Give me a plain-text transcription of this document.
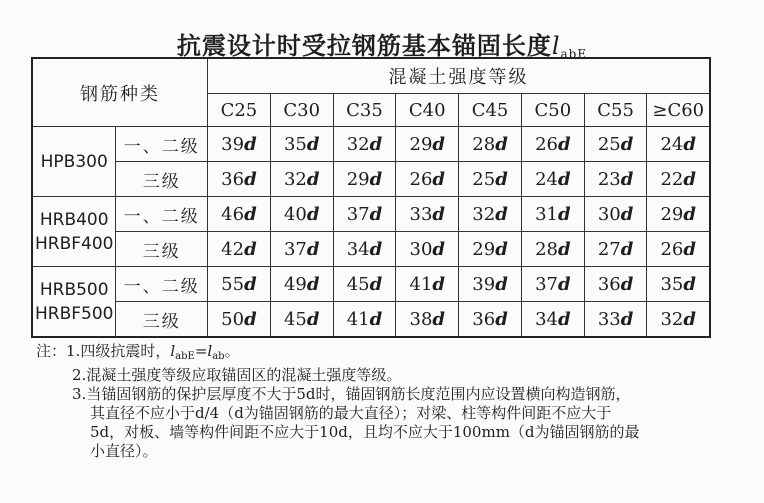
抗震设计时受拉钢筋基本锚固长度$l_{abE}$
钢筋种类		混凝土强度等级							
		C25	C30	C35	C40	C45	C50	C55	≥C60

HPB300	一、二级	39d	35d	32d	29d	28d	26d	25d	24d
	三级	36d	32d	29d	26d	25d	24d	23d	22d

HRB400
HRBF400	一、二级	46d	40d	37d	33d	32d	31d	30d	29d
	三级	42d	37d	34d	30d	29d	28d	27d	26d

HRB500
HRBF500	一、二级	55d	49d	45d	41d	39d	37d	36d	35d
	三级	50d	45d	41d	38d	36d	34d	33d	32d
注：1.四级抗震时，$l_{abE}=l_{ab}$。
2.混凝土强度等级应取锚固区的混凝土强度等级。
3.当锚固钢筋的保护层厚度不大于5d时，锚固钢筋长度范围内应设置横向构造钢筋，
其直径不应小于d/4（d为锚固钢筋的最大直径）；对梁、柱等构件间距不应大于
5d，对板、墙等构件间距不应大于10d，且均不应大于100mm（d为锚固钢筋的最
小直径）。
